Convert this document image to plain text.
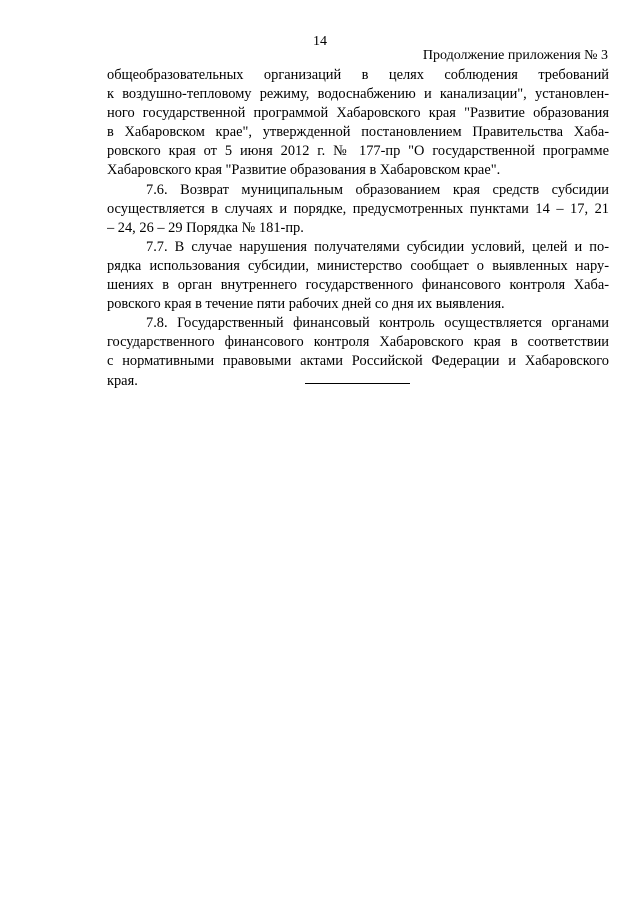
14
Продолжение приложения № 3
общеобразовательных организаций в целях соблюдения требований
к воздушно-тепловому режиму, водоснабжению и канализации", установлен-
ного государственной программой Хабаровского края "Развитие образования
в Хабаровском крае", утвержденной постановлением Правительства Хаба-
ровского края от 5 июня 2012 г. № 177-пр "О государственной программе
Хабаровского края "Развитие образования в Хабаровском крае".
7.6. Возврат муниципальным образованием края средств субсидии
осуществляется в случаях и порядке, предусмотренных пунктами 14 – 17, 21
– 24, 26 – 29 Порядка № 181-пр.
7.7. В случае нарушения получателями субсидии условий, целей и по-
рядка использования субсидии, министерство сообщает о выявленных нару-
шениях в орган внутреннего государственного финансового контроля Хаба-
ровского края в течение пяти рабочих дней со дня их выявления.
7.8. Государственный финансовый контроль осуществляется органами
государственного финансового контроля Хабаровского края в соответствии
с нормативными правовыми актами Российской Федерации и Хабаровского
края.
